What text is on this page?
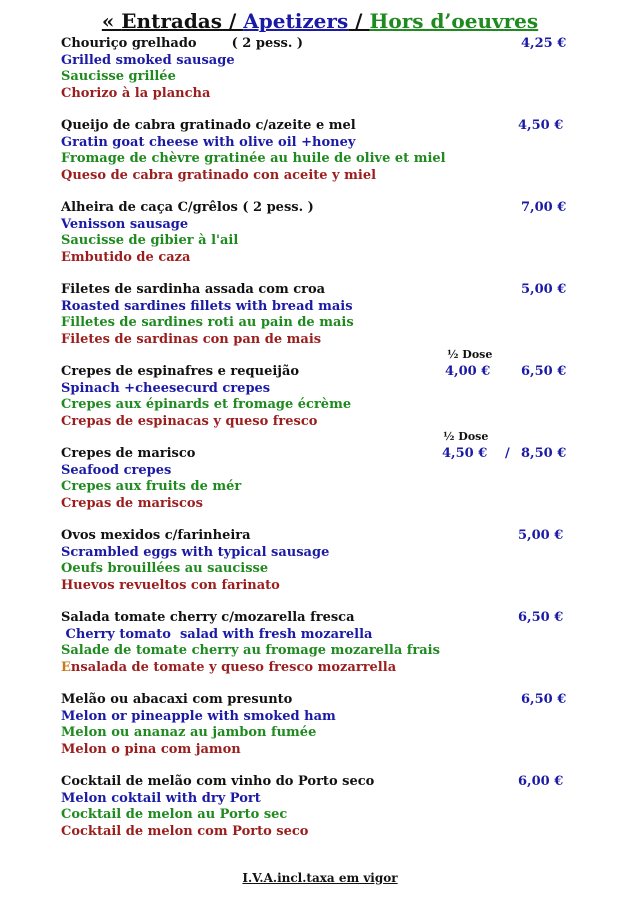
« Entradas / Apetizers / Hors d’oeuvres
Chouriço grelhado	( 2 pess. )
Grilled smoked sausage
Saucisse grillée
Chorizo à la plancha
4,25 €
Queijo de cabra gratinado c/azeite e mel
Gratin goat cheese with olive oil +honey
Fromage de chèvre gratinée au huile de olive et miel
Queso de cabra gratinado con aceite y miel
4,50 €
Alheira de caça C/grêlos ( 2 pess. )
Venisson sausage
Saucisse de gibier à l'ail
Embutido de caza
7,00 €
Filetes de sardinha assada com croa
Roasted sardines fillets with bread mais
Filletes de sardines roti au pain de mais
Filetes de sardinas con pan de mais
5,00 €
½ Dose
Crepes de espinafres e requeijão
Spinach +cheesecurd crepes
Crepes aux épinards et fromage écrème
Crepas de espinacas y queso fresco
4,00 € 6,50 €
½ Dose
Crepes de marisco
Seafood crepes
Crepes aux fruits de mér
Crepas de mariscos
4,50 € / 8,50 €
Ovos mexidos c/farinheira
Scrambled eggs with typical sausage
Oeufs brouillées au saucisse
Huevos revueltos con farinato
5,00 €
Salada tomate cherry c/mozarella fresca
Cherry tomato  salad with fresh mozarella
Salade de tomate cherry au fromage mozarella frais
Ensalada de tomate y queso fresco mozarrella
6,50 €
Melão ou abacaxi com presunto
Melon or pineapple with smoked ham
Melon ou ananaz au jambon fumée
Melon o pina com jamon
6,50 €
Cocktail de melão com vinho do Porto seco
Melon coktail with dry Port
Cocktail de melon au Porto sec
Cocktail de melon com Porto seco
6,00 €
I.V.A.incl.taxa em vigor
